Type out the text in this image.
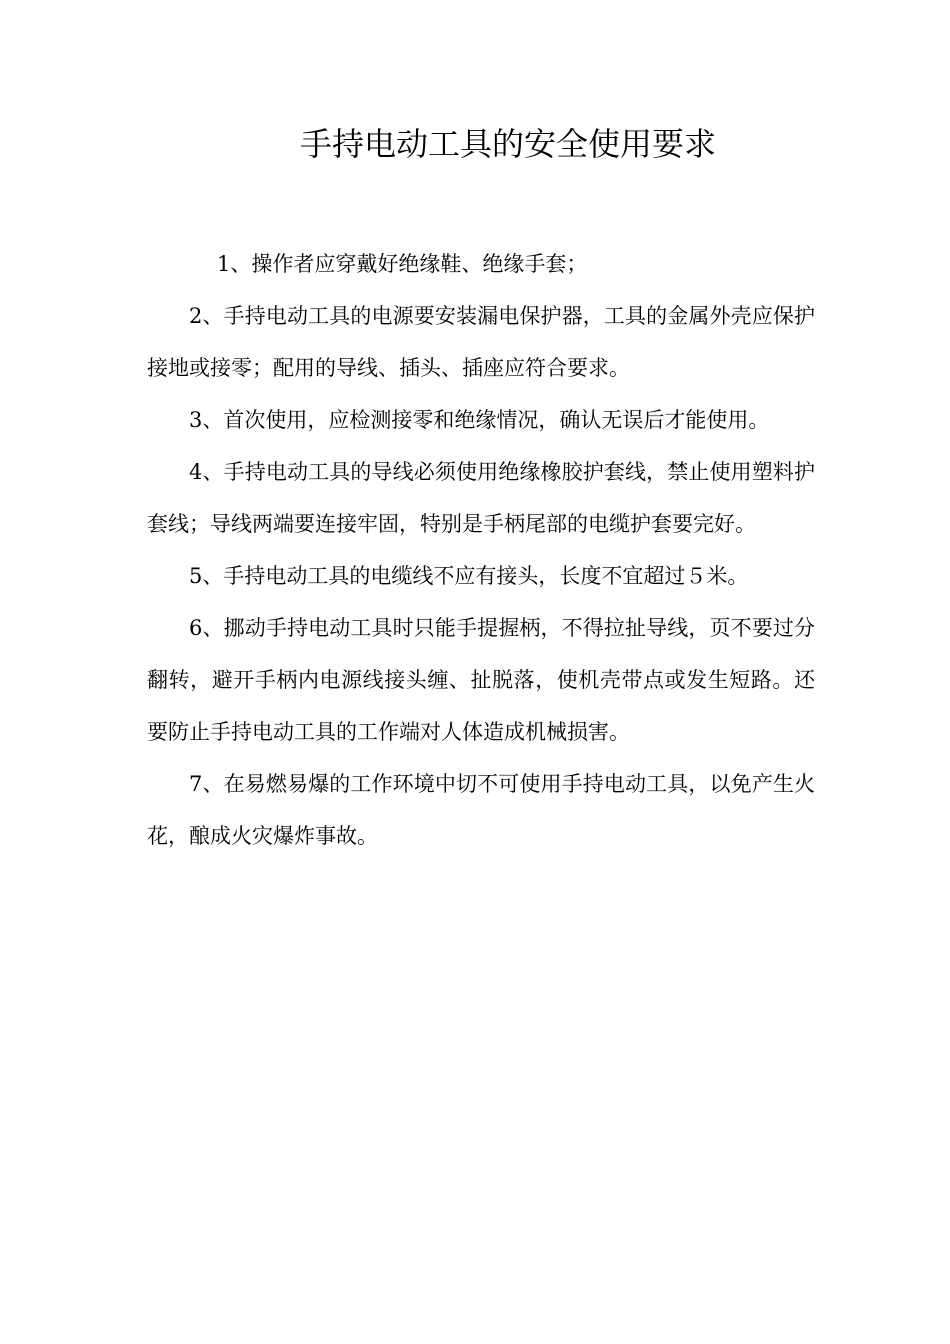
手持电动工具的安全使用要求

1、操作者应穿戴好绝缘鞋、绝缘手套；

2、手持电动工具的电源要安装漏电保护器，工具的金属外壳应保护接地或接零；配用的导线、插头、插座应符合要求。

3、首次使用，应检测接零和绝缘情况，确认无误后才能使用。

4、手持电动工具的导线必须使用绝缘橡胶护套线，禁止使用塑料护套线；导线两端要连接牢固，特别是手柄尾部的电缆护套要完好。

5、手持电动工具的电缆线不应有接头，长度不宜超过５米。

6、挪动手持电动工具时只能手提握柄，不得拉扯导线，页不要过分翻转，避开手柄内电源线接头缠、扯脱落，使机壳带点或发生短路。还要防止手持电动工具的工作端对人体造成机械损害。

7、在易燃易爆的工作环境中切不可使用手持电动工具，以免产生火花，酿成火灾爆炸事故。
